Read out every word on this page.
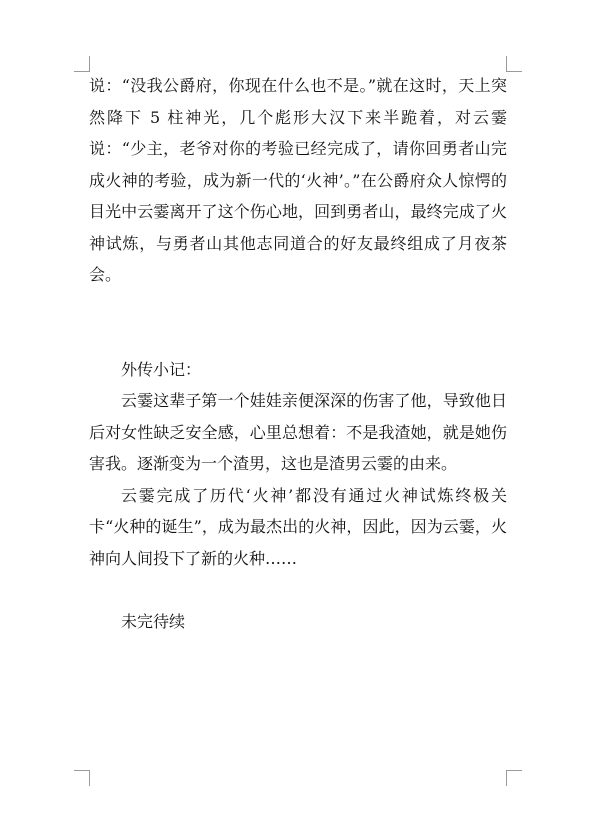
说：“没我公爵府，你现在什么也不是。”就在这时，天上突然降下 5 柱神光，几个彪形大汉下来半跪着，对云霎说：“少主，老爷对你的考验已经完成了，请你回勇者山完成火神的考验，成为新一代的‘火神’。”在公爵府众人惊愕的目光中云霎离开了这个伤心地，回到勇者山，最终完成了火神试炼，与勇者山其他志同道合的好友最终组成了月夜茶会。

外传小记：

云霎这辈子第一个娃娃亲便深深的伤害了他，导致他日后对女性缺乏安全感，心里总想着：不是我渣她，就是她伤害我。逐渐变为一个渣男，这也是渣男云霎的由来。

云霎完成了历代‘火神’都没有通过火神试炼终极关卡“火种的诞生”，成为最杰出的火神，因此，因为云霎，火神向人间投下了新的火种……

未完待续
